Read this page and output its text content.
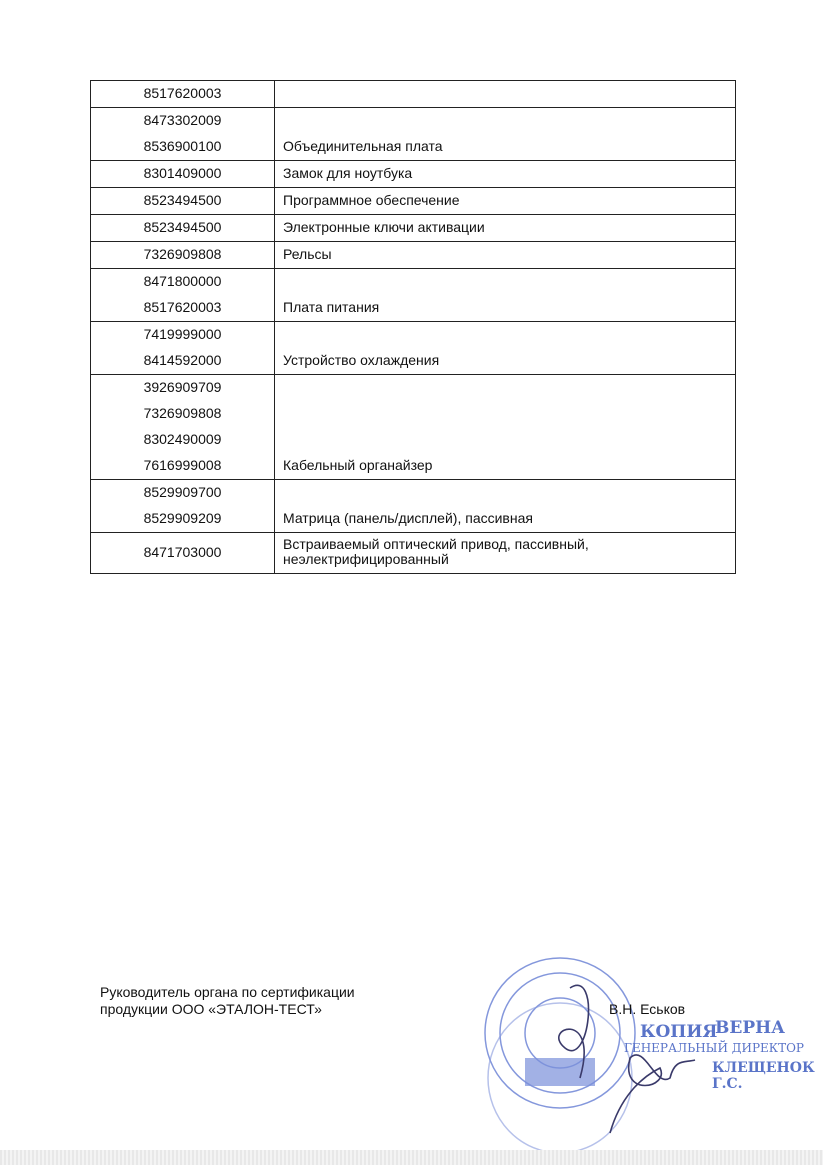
8517620003	

8473302009
8536900100	Объединительная плата

8301409000	Замок для ноутбука

8523494500	Программное обеспечение

8523494500	Электронные ключи активации

7326909808	Рельсы

8471800000
8517620003	Плата питания

7419999000
8414592000	Устройство охлаждения

3926909709
7326909808
8302490009
7616999008	Кабельный органайзер

8529909700
8529909209	Матрица (панель/дисплей), пассивная

8471703000	Встраиваемый оптический привод, пассивный,
неэлектрифицированный
Руководитель органа по сертификации
продукции ООО «ЭТАЛОН-ТЕСТ»	В.Н. Еськов
КОПИЯ
ВЕРНА
ГЕНЕРАЛЬНЫЙ ДИРЕКТОР
КЛЕЩЕНОК Г.С.
